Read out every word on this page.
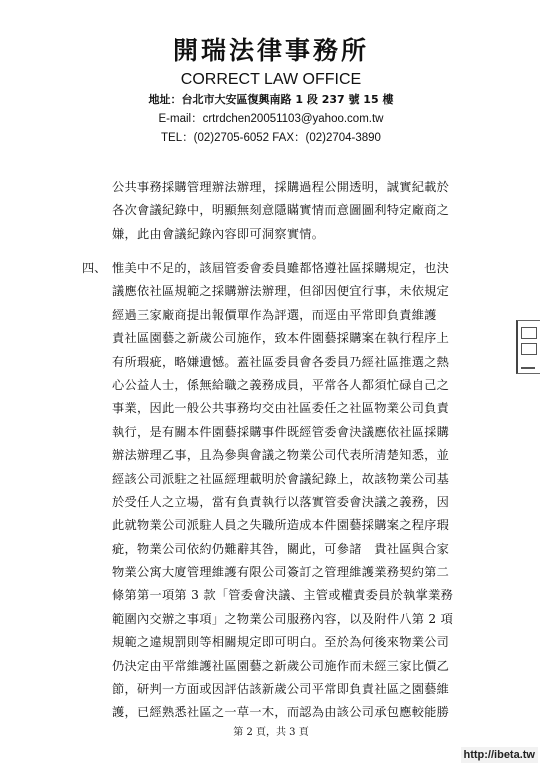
開瑞法律事務所
CORRECT LAW OFFICE
地址：台北市大安區復興南路 1 段 237 號 15 樓
E-mail：crtrdchen20051103@yahoo.com.tw
TEL：(02)2705-6052 FAX：(02)2704-3890
公共事務採購管理辦法辦理，採購過程公開透明，誠實紀載於
各次會議紀錄中，明顯無刻意隱瞞實情而意圖圖利特定廠商之
嫌，此由會議紀錄內容即可洞察實情。
四、 惟美中不足的，該屆管委會委員雖都恪遵社區採購規定，也決
議應依社區規範之採購辦法辦理，但卻因便宜行事，未依規定
經過三家廠商提出報價單作為評選，而逕由平常即負責維護
責社區園藝之新歲公司施作，致本件園藝採購案在執行程序上
有所瑕疵，略嫌遺憾。蓋社區委員會各委員乃經社區推選之熱
心公益人士，係無給職之義務成員，平常各人都須忙碌自己之
事業，因此一般公共事務均交由社區委任之社區物業公司負責
執行，是有關本件園藝採購事件既經管委會決議應依社區採購
辦法辦理乙事，且為參與會議之物業公司代表所清楚知悉，並
經該公司派駐之社區經理載明於會議紀錄上，故該物業公司基
於受任人之立場，當有負責執行以落實管委會決議之義務，因
此就物業公司派駐人員之失職所造成本件園藝採購案之程序瑕
疵，物業公司依約仍難辭其咎，關此，可參諸　貴社區與合家
物業公寓大廈管理維護有限公司簽訂之管理維護業務契約第二
條第第一項第 3 款「管委會決議、主管或權責委員於執掌業務
範圍內交辦之事項」之物業公司服務內容，以及附件八第 2 項
規範之違規罰則等相關規定即可明白。至於為何後來物業公司
仍決定由平常維護社區園藝之新歲公司施作而未經三家比價乙
節，研判一方面或因評估該新歲公司平常即負責社區之園藝維
護，已經熟悉社區之一草一木，而認為由該公司承包應較能勝
第 2 頁，共 3 頁
http://ibeta.tw
